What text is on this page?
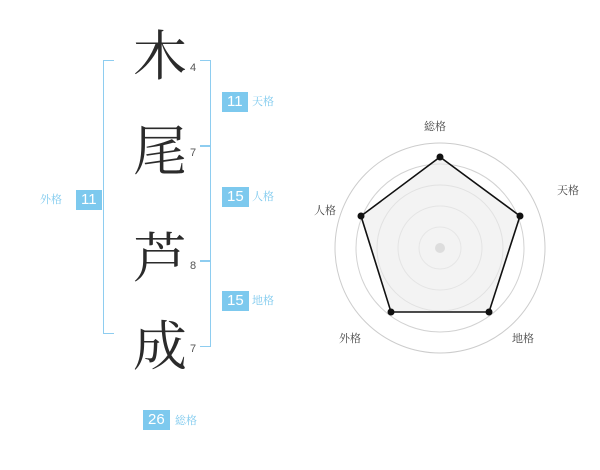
木 4
尾 7
芦 8
成 7
11
外格
11 天格
15 人格
15 地格
26 総格
総格
天格
地格
外格
人格
